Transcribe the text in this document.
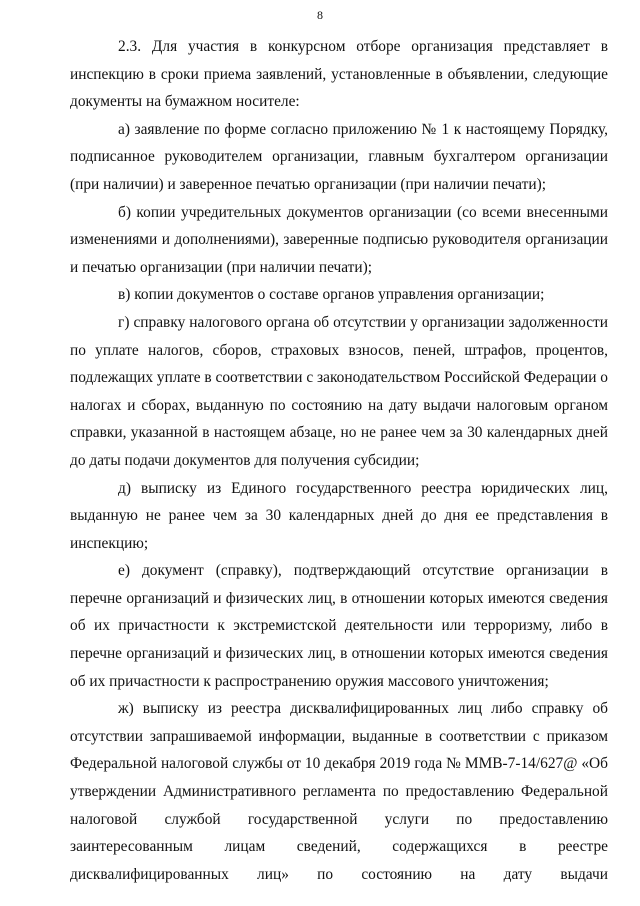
8

2.3. Для участия в конкурсном отборе организация представляет в инспекцию в сроки приема заявлений, установленные в объявлении, следующие документы на бумажном носителе:

а) заявление по форме согласно приложению № 1 к настоящему Порядку, подписанное руководителем организации, главным бухгалтером организации (при наличии) и заверенное печатью организации (при наличии печати);

б) копии учредительных документов организации (со всеми внесенными изменениями и дополнениями), заверенные подписью руководителя организации и печатью организации (при наличии печати);

в) копии документов о составе органов управления организации;

г) справку налогового органа об отсутствии у организации задолженности по уплате налогов, сборов, страховых взносов, пеней, штрафов, процентов, подлежащих уплате в соответствии с законодательством Российской Федерации о налогах и сборах, выданную по состоянию на дату выдачи налоговым органом справки, указанной в настоящем абзаце, но не ранее чем за 30 календарных дней до даты подачи документов для получения субсидии;

д) выписку из Единого государственного реестра юридических лиц, выданную не ранее чем за 30 календарных дней до дня ее представления в инспекцию;

е) документ (справку), подтверждающий отсутствие организации в перечне организаций и физических лиц, в отношении которых имеются сведения об их причастности к экстремистской деятельности или терроризму, либо в перечне организаций и физических лиц, в отношении которых имеются сведения об их причастности к распространению оружия массового уничтожения;

ж) выписку из реестра дисквалифицированных лиц либо справку об отсутствии запрашиваемой информации, выданные в соответствии с приказом Федеральной налоговой службы от 10 декабря 2019 года № ММВ-7-14/627@ «Об утверждении Административного регламента по предоставлению Федеральной налоговой службой государственной услуги по предоставлению заинтересованным лицам сведений, содержащихся в реестре дисквалифицированных лиц» по состоянию на дату выдачи
